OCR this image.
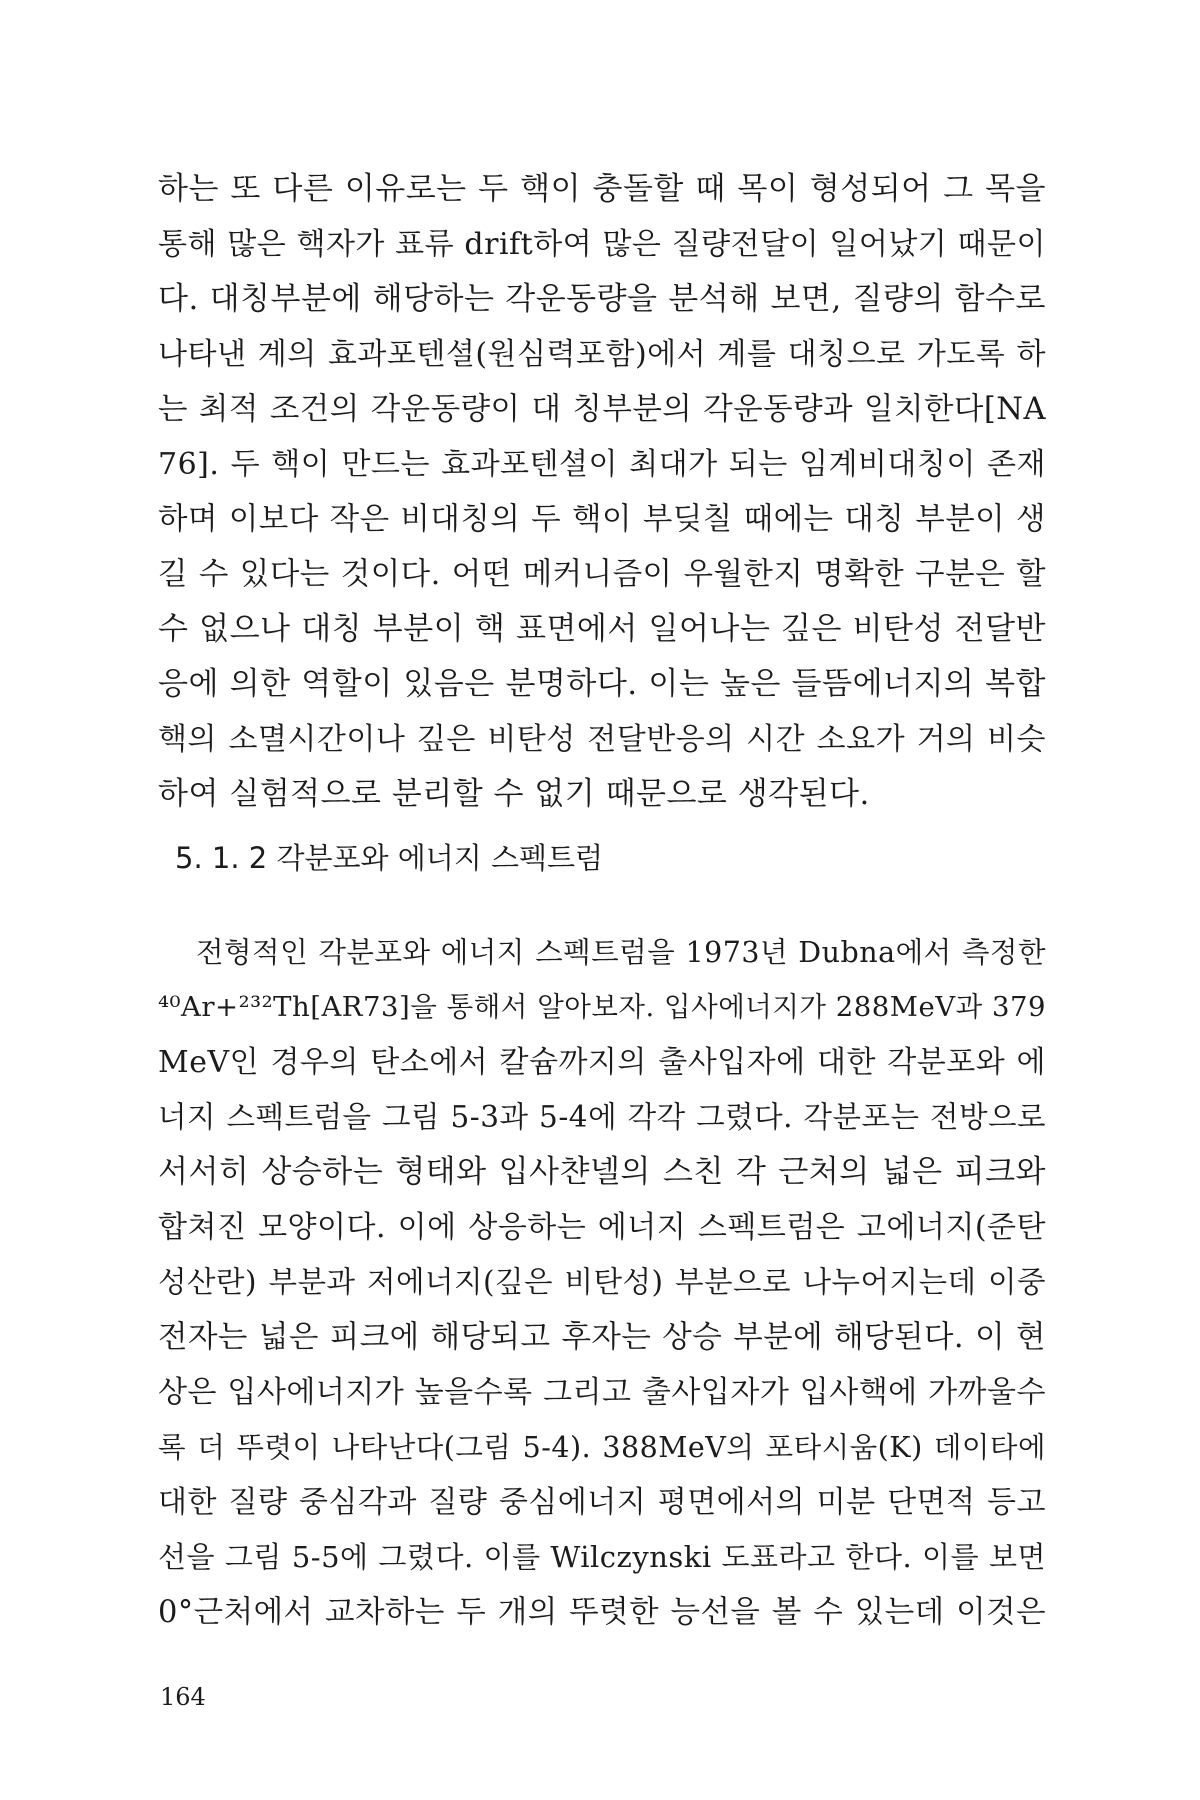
하는 또 다른 이유로는 두 핵이 충돌할 때 목이 형성되어 그 목을
통해 많은 핵자가 표류 drift하여 많은 질량전달이 일어났기 때문이
다. 대칭부분에 해당하는 각운동량을 분석해 보면, 질량의 함수로
나타낸 계의 효과포텐셜(원심력포함)에서 계를 대칭으로 가도록 하
는 최적 조건의 각운동량이 대 칭부분의 각운동량과 일치한다[NA
76]. 두 핵이 만드는 효과포텐셜이 최대가 되는 임계비대칭이 존재
하며 이보다 작은 비대칭의 두 핵이 부딪칠 때에는 대칭 부분이 생
길 수 있다는 것이다. 어떤 메커니즘이 우월한지 명확한 구분은 할
수 없으나 대칭 부분이 핵 표면에서 일어나는 깊은 비탄성 전달반
응에 의한 역할이 있음은 분명하다. 이는 높은 들뜸에너지의 복합
핵의 소멸시간이나 깊은 비탄성 전달반응의 시간 소요가 거의 비슷
하여 실험적으로 분리할 수 없기 때문으로 생각된다.
5. 1. 2 각분포와 에너지 스펙트럼
전형적인 각분포와 에너지 스펙트럼을 1973년 Dubna에서 측정한
⁴⁰Ar+²³²Th[AR73]을 통해서 알아보자. 입사에너지가 288MeV과 379
MeV인 경우의 탄소에서 칼슘까지의 출사입자에 대한 각분포와 에
너지 스펙트럼을 그림 5-3과 5-4에 각각 그렸다. 각분포는 전방으로
서서히 상승하는 형태와 입사챤넬의 스친 각 근처의 넓은 피크와
합쳐진 모양이다. 이에 상응하는 에너지 스펙트럼은 고에너지(준탄
성산란) 부분과 저에너지(깊은 비탄성) 부분으로 나누어지는데 이중
전자는 넓은 피크에 해당되고 후자는 상승 부분에 해당된다. 이 현
상은 입사에너지가 높을수록 그리고 출사입자가 입사핵에 가까울수
록 더 뚜렷이 나타난다(그림 5-4). 388MeV의 포타시움(K) 데이타에
대한 질량 중심각과 질량 중심에너지 평면에서의 미분 단면적 등고
선을 그림 5-5에 그렸다. 이를 Wilczynski 도표라고 한다. 이를 보면
0°근처에서 교차하는 두 개의 뚜렷한 능선을 볼 수 있는데 이것은
164
